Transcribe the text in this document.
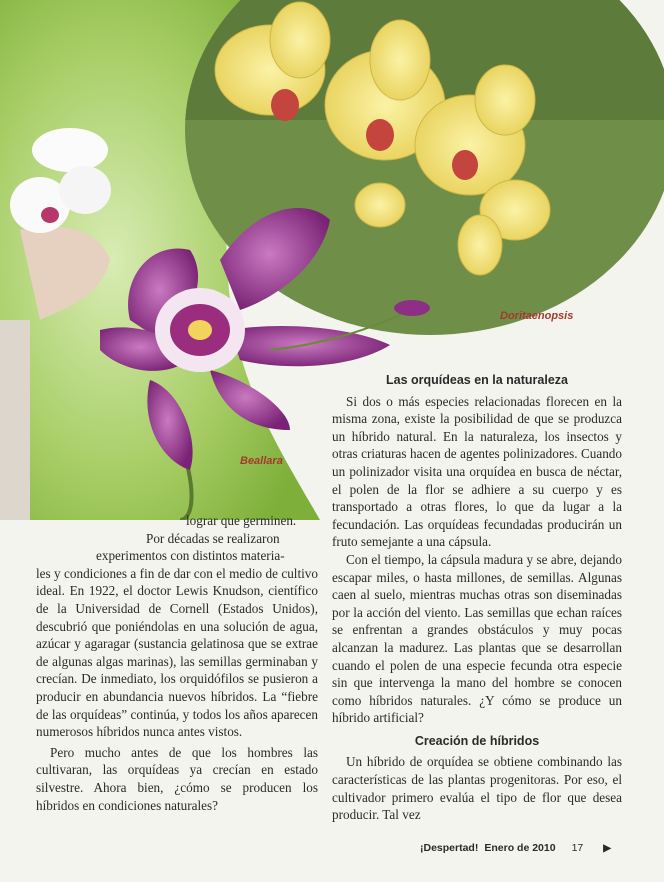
Doritaenopsis
Beallara

lograr que germinen.

Por décadas se realizaron

experimentos con distintos materia-

les y condiciones a fin de dar con el medio de cultivo ideal. En 1922, el doctor Lewis Knudson, científico de la Universidad de Cornell (Estados Unidos), descubrió que poniéndolas en una solución de agua, azúcar y agaragar (sustancia gelatinosa que se extrae de algunas algas marinas), las semillas germinaban y crecían. De inmediato, los orquidófilos se pusieron a producir en abundancia nuevos híbridos. La “fiebre de las orquídeas” continúa, y todos los años aparecen numerosos híbridos nunca antes vistos.

Pero mucho antes de que los hombres las cultivaran, las orquídeas ya crecían en estado silvestre. Ahora bien, ¿cómo se producen los híbridos en condiciones naturales?

Las orquídeas en la naturaleza

Si dos o más especies relacionadas florecen en la misma zona, existe la posibilidad de que se produzca un híbrido natural. En la naturaleza, los insectos y otras criaturas hacen de agentes polinizadores. Cuando un polinizador visita una orquídea en busca de néctar, el polen de la flor se adhiere a su cuerpo y es transportado a otras flores, lo que da lugar a la fecundación. Las orquídeas fecundadas producirán un fruto semejante a una cápsula.

Con el tiempo, la cápsula madura y se abre, dejando escapar miles, o hasta millones, de semillas. Algunas caen al suelo, mientras muchas otras son diseminadas por la acción del viento. Las semillas que echan raíces se enfrentan a grandes obstáculos y muy pocas alcanzan la madurez. Las plantas que se desarrollan cuando el polen de una especie fecunda otra especie sin que intervenga la mano del hombre se conocen como híbridos naturales. ¿Y cómo se produce un híbrido artificial?

Creación de híbridos

Un híbrido de orquídea se obtiene combinando las características de las plantas progenitoras. Por eso, el cultivador primero evalúa el tipo de flor que desea producir. Tal vez

¡Despertad! Enero de 2010 17 ▶
